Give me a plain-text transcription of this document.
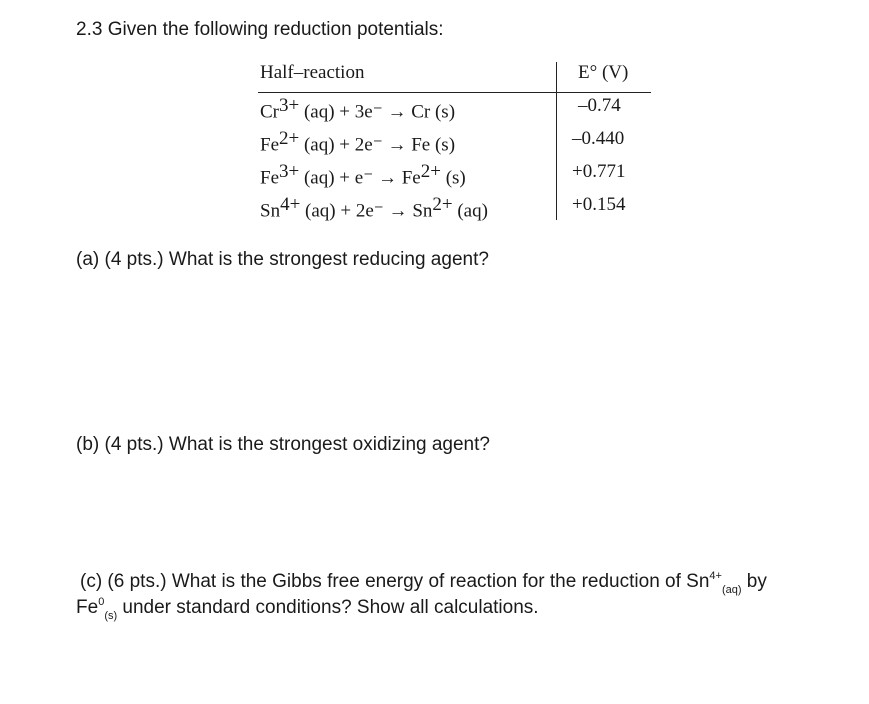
2.3 Given the following reduction potentials:
Half–reaction	E° (V)
Cr3+ (aq) + 3e⁻ → Cr (s)	–0.74
Fe2+ (aq) + 2e⁻ → Fe (s)	–0.440
Fe3+ (aq) + e⁻ → Fe2+ (s)	+0.771
Sn4+ (aq) + 2e⁻ → Sn2+ (aq)	+0.154
(a) (4 pts.) What is the strongest reducing agent?
(b) (4 pts.) What is the strongest oxidizing agent?
(c) (6 pts.) What is the Gibbs free energy of reaction for the reduction of $Sn^{4+}_{(aq)}$ by
$Fe^0_{(s)}$ under standard conditions? Show all calculations.
